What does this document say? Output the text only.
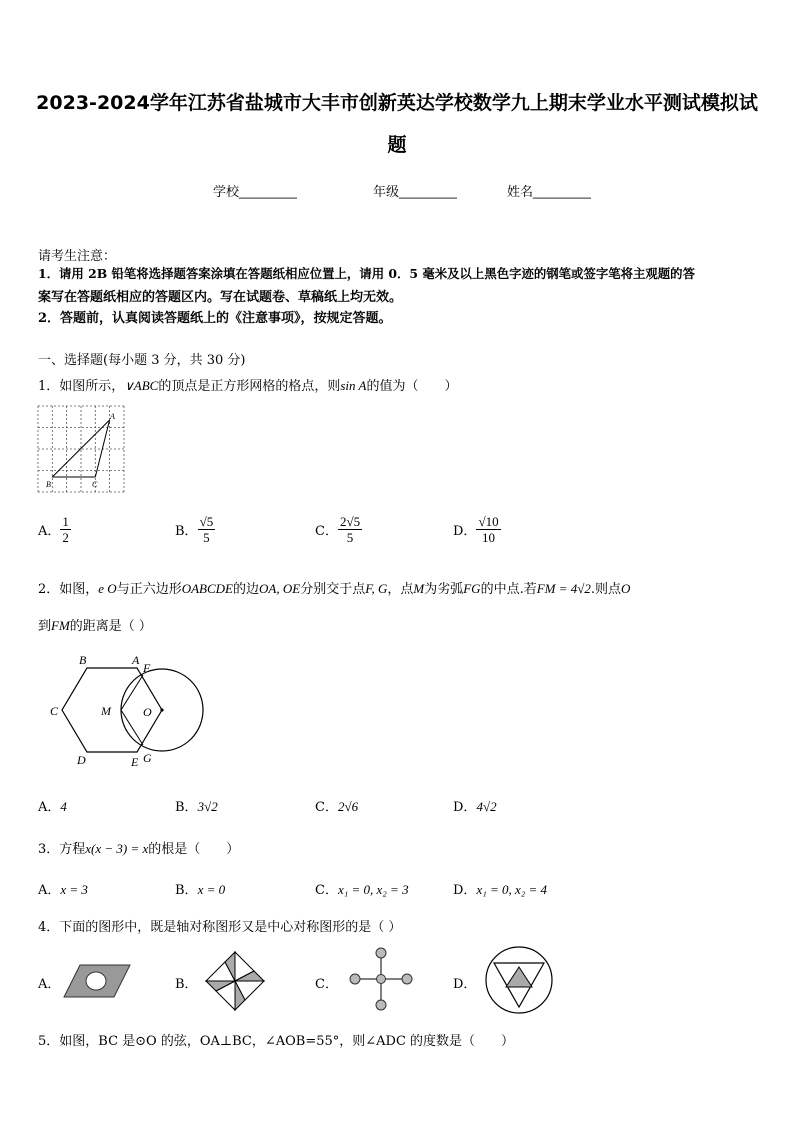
2023-2024学年江苏省盐城市大丰市创新英达学校数学九上期末学业水平测试模拟试
题
学校________	年级________	姓名________
请考生注意：
1．请用 2B 铅笔将选择题答案涂填在答题纸相应位置上，请用 0．5 毫米及以上黑色字迹的钢笔或签字笔将主观题的答
案写在答题纸相应的答题区内。写在试题卷、草稿纸上均无效。
2．答题前，认真阅读答题纸上的《注意事项》，按规定答题。
一、选择题(每小题 3 分，共 30 分)
1．如图所示，∨ABC的顶点是正方形网格的格点，则sin A的值为（　　）
A
B	C
A． $\frac{1}{2}$	B． $\frac{√5}{5}$	C． $\frac{2√5}{5}$	D． $\frac{√10}{10}$
2．如图，e O与正六边形OABCDE的边OA, OE分别交于点F, G，点M为劣弧FG的中点.若FM = 4√2.则点O
到FM的距离是（ ）
B	A
F
C	M	O
D	E G
A．4	B．3√2	C．2√6	D．4√2
3．方程x(x − 3) = x的根是（　　）
A．x = 3	B．x = 0	C．x₁ = 0, x₂ = 3	D．x₁ = 0, x₂ = 4
4．下面的图形中，既是轴对称图形又是中心对称图形的是（ ）
A．	B．	C．	D．
5．如图，BC 是⊙O 的弦，OA⊥BC，∠AOB=55°，则∠ADC 的度数是（　　）
